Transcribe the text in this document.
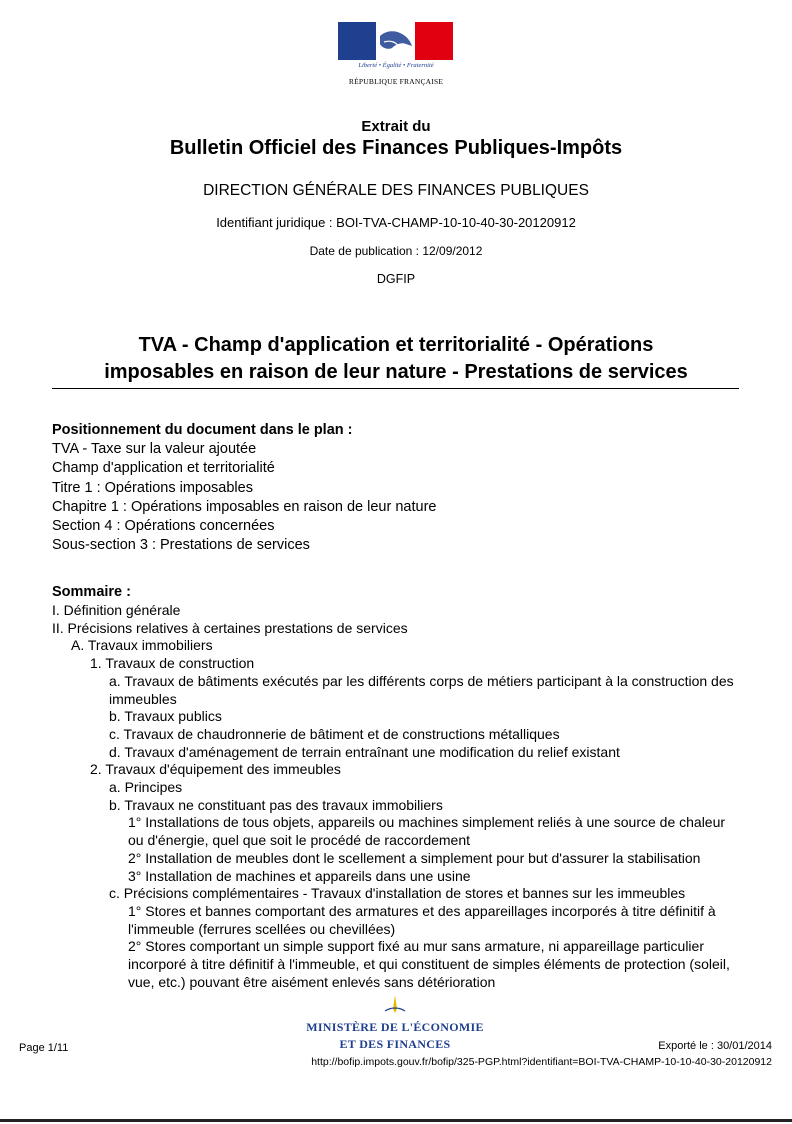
Liberté • Égalité • Fraternité
RÉPUBLIQUE FRANÇAISE
Extrait du
Bulletin Officiel des Finances Publiques-Impôts
DIRECTION GÉNÉRALE DES FINANCES PUBLIQUES
Identifiant juridique : BOI-TVA-CHAMP-10-10-40-30-20120912
Date de publication : 12/09/2012
DGFIP
TVA - Champ d'application et territorialité - Opérations
imposables en raison de leur nature - Prestations de services
Positionnement du document dans le plan :
TVA - Taxe sur la valeur ajoutée
Champ d'application et territorialité
Titre 1 : Opérations imposables
Chapitre 1 : Opérations imposables en raison de leur nature
Section 4 : Opérations concernées
Sous-section 3 : Prestations de services
Sommaire :
I. Définition générale
II. Précisions relatives à certaines prestations de services
A. Travaux immobiliers
1. Travaux de construction
a. Travaux de bâtiments exécutés par les différents corps de métiers participant à la construction des immeubles
b. Travaux publics
c. Travaux de chaudronnerie de bâtiment et de constructions métalliques
d. Travaux d'aménagement de terrain entraînant une modification du relief existant
2. Travaux d'équipement des immeubles
a. Principes
b. Travaux ne constituant pas des travaux immobiliers
1° Installations de tous objets, appareils ou machines simplement reliés à une source de chaleur ou d'énergie, quel que soit le procédé de raccordement
2° Installation de meubles dont le scellement a simplement pour but d'assurer la stabilisation
3° Installation de machines et appareils dans une usine
c. Précisions complémentaires - Travaux d'installation de stores et bannes sur les immeubles
1° Stores et bannes comportant des armatures et des appareillages incorporés à titre définitif à l'immeuble (ferrures scellées ou chevillées)
2° Stores comportant un simple support fixé au mur sans armature, ni appareillage particulier incorporé à titre définitif à l'immeuble, et qui constituent de simples éléments de protection (soleil, vue, etc.) pouvant être aisément enlevés sans détérioration
MINISTÈRE DE L'ÉCONOMIE
ET DES FINANCES
Page 1/11	Exporté le : 30/01/2014
http://bofip.impots.gouv.fr/bofip/325-PGP.html?identifiant=BOI-TVA-CHAMP-10-10-40-30-20120912
